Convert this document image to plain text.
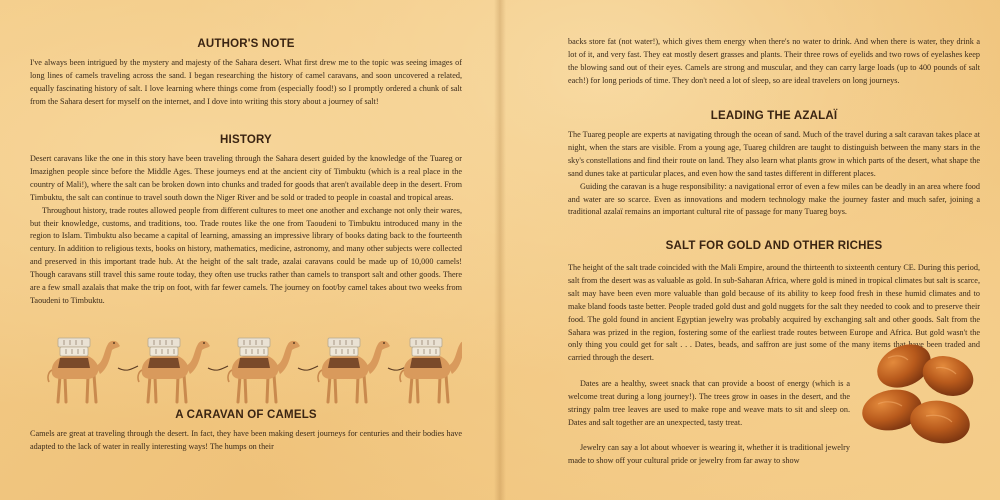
AUTHOR'S NOTE

I've always been intrigued by the mystery and majesty of the Sahara desert. What first drew me to the topic was seeing images of long lines of camels traveling across the sand. I began researching the history of camel caravans, and soon uncovered a related, equally fascinating history of salt. I love learning where things come from (especially food!) so I promptly ordered a chunk of salt from the Sahara desert for myself on the internet, and I dove into writing this story about a journey of salt!

HISTORY

Desert caravans like the one in this story have been traveling through the Sahara desert guided by the knowledge of the Tuareg or Imazighen people since before the Middle Ages. These journeys end at the ancient city of Timbuktu (which is a real place in the country of Mali!), where the salt can be broken down into chunks and traded for goods that aren't available deep in the desert. From Timbuktu, the salt can continue to travel south down the Niger River and be sold or traded to people in coastal and tropical areas.

Throughout history, trade routes allowed people from different cultures to meet one another and exchange not only their wares, but their knowledge, customs, and traditions, too. Trade routes like the one from Taoudeni to Timbuktu introduced many in the region to Islam. Timbuktu also became a capital of learning, amassing an impressive library of books dating back to the fourteenth century. In addition to religious texts, books on history, mathematics, medicine, astronomy, and many other subjects were collected and preserved in this important trade hub. At the height of the salt trade, azalai caravans could be made up of 10,000 camels! Though caravans still travel this same route today, they often use trucks rather than camels to transport salt and other goods. There are a few small azalaïs that make the trip on foot, with far fewer camels. The journey on foot/by camel takes about two weeks from Taoudeni to Timbuktu.

A CARAVAN OF CAMELS

Camels are great at traveling through the desert. In fact, they have been making desert journeys for centuries and their bodies have adapted to the lack of water in really interesting ways! The humps on their

backs store fat (not water!), which gives them energy when there's no water to drink. And when there is water, they drink a lot of it, and very fast. They eat mostly desert grasses and plants. Their three rows of eyelids and two rows of eyelashes keep the blowing sand out of their eyes. Camels are strong and muscular, and they can carry large loads (up to 400 pounds of salt each!) for long periods of time. They don't need a lot of sleep, so are ideal travelers on long journeys.

LEADING THE AZALAÏ

The Tuareg people are experts at navigating through the ocean of sand. Much of the travel during a salt caravan takes place at night, when the stars are visible. From a young age, Tuareg children are taught to distinguish between the many stars in the sky's constellations and find their route on land. They also learn what plants grow in which parts of the desert, what shape the sand dunes take at particular places, and even how the sand tastes different in different places.

Guiding the caravan is a huge responsibility: a navigational error of even a few miles can be deadly in an area where food and water are so scarce. Even as innovations and modern technology make the journey faster and much safer, joining a traditional azalaï remains an important cultural rite of passage for many Tuareg boys.

SALT FOR GOLD AND OTHER RICHES

The height of the salt trade coincided with the Mali Empire, around the thirteenth to sixteenth century CE. During this period, salt from the desert was as valuable as gold. In sub-Saharan Africa, where gold is mined in tropical climates but salt is scarce, salt may have been even more valuable than gold because of its ability to keep food fresh in these humid climates and to make bland foods taste better. People traded gold dust and gold nuggets for the salt they needed to cook and to preserve their food. The gold found in ancient Egyptian jewelry was probably acquired by exchanging salt and other goods. Salt from the Sahara was prized in the region, fostering some of the earliest trade routes between Europe and Africa. But gold wasn't the only thing you could get for salt . . . Dates, beads, and saffron are just some of the many items that have been traded and carried through the desert.

Dates are a healthy, sweet snack that can provide a boost of energy (which is a welcome treat during a long journey!). The trees grow in oases in the desert, and the stringy palm tree leaves are used to make rope and weave mats to sit and sleep on. Dates and salt together are an unexpected, tasty treat.

Jewelry can say a lot about whoever is wearing it, whether it is traditional jewelry made to show off your cultural pride or jewelry from far away to show
